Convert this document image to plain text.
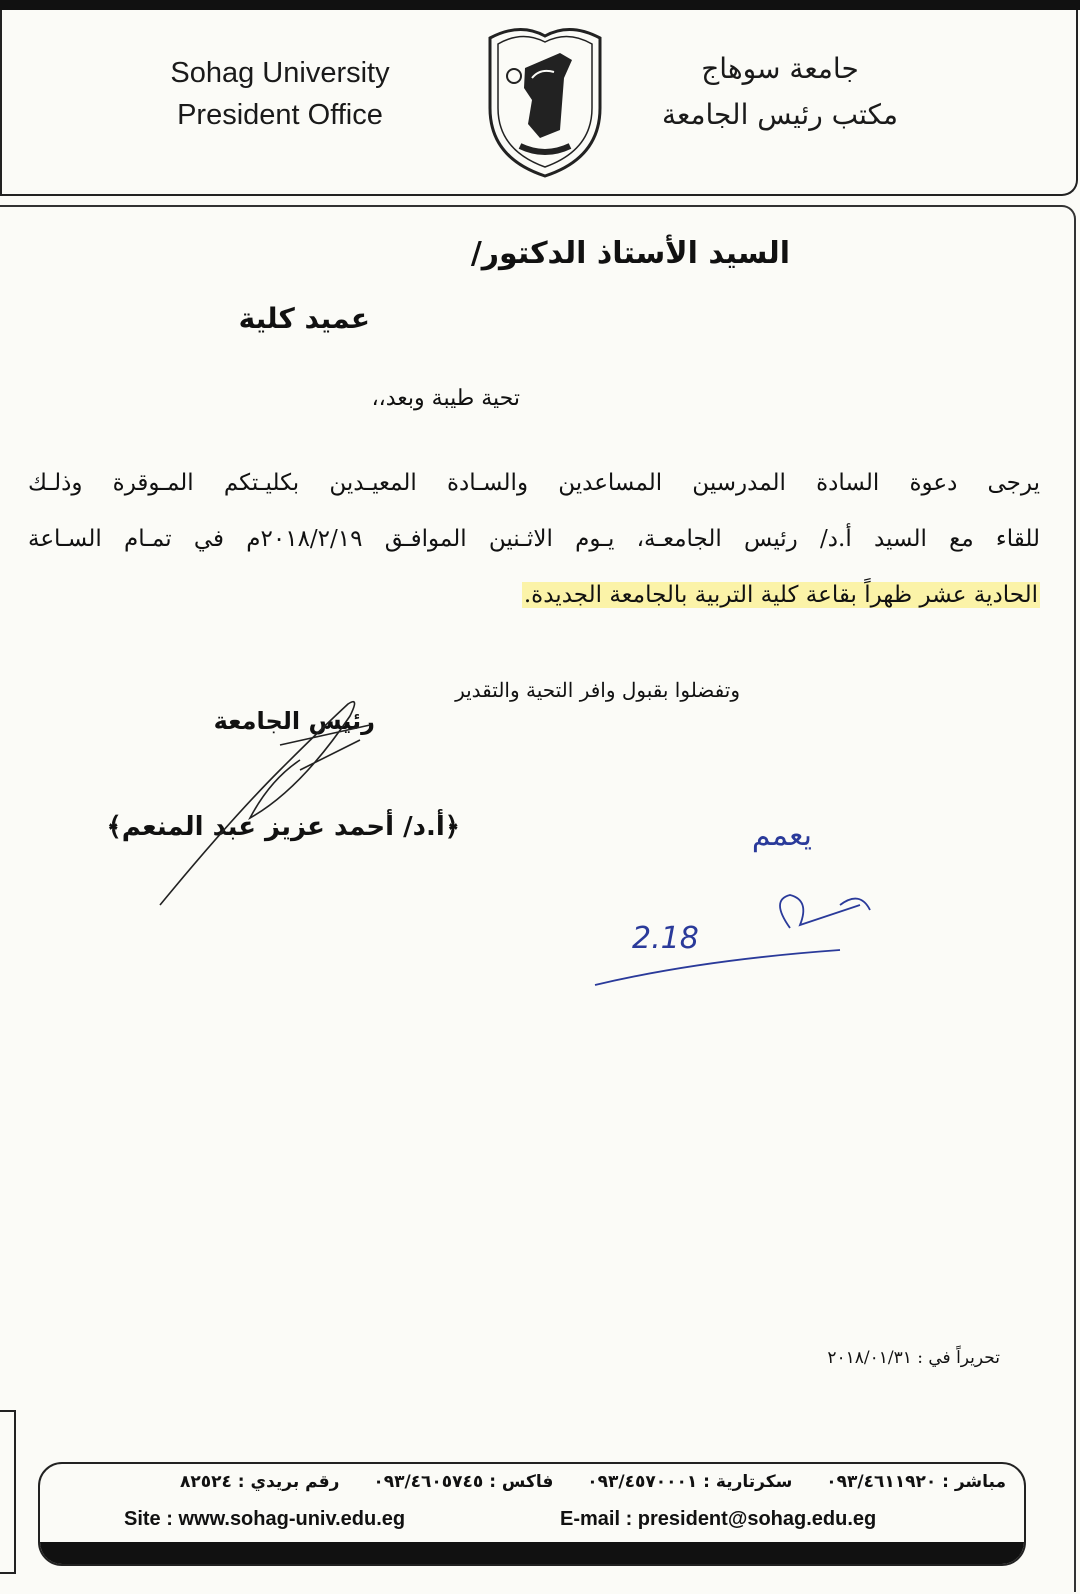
Sohag University
President Office
جامعة سوهاج
مكتب رئيس الجامعة
السيد الأستاذ الدكتور/
عميد كلية
تحية طيبة وبعد،،
يرجى دعوة السادة المدرسين المساعدين والسـادة المعيـدين بكليـتكم المـوقرة وذلـك
للقاء مع السيد أ.د/ رئيس الجامعـة، يـوم الاثـنين الموافـق ٢٠١٨/٢/١٩م في تمـام السـاعة
الحادية عشر ظهراً بقاعة كلية التربية بالجامعة الجديدة.
وتفضلوا بقبول وافر التحية والتقدير
رئيس الجامعة
﴿أ.د/ أحمد عزيز عبد المنعم﴾	يعمم
2.18
تحريراً في : ٢٠١٨/٠١/٣١
مباشر : ٠٩٣/٤٦١١٩٢٠ سكرتارية : ٠٩٣/٤٥٧٠٠٠١ فاكس : ٠٩٣/٤٦٠٥٧٤٥ رقم بريدي : ٨٢٥٢٤
Site : www.sohag-univ.edu.eg	E-mail : president@sohag.edu.eg
